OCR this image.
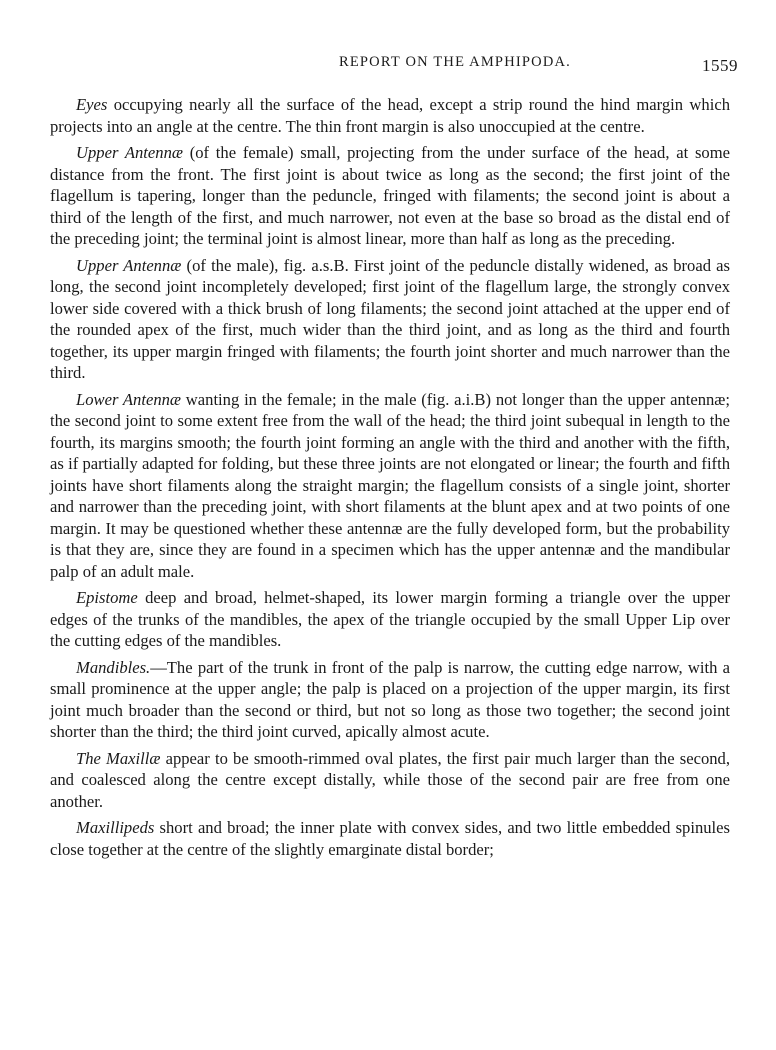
REPORT ON THE AMPHIPODA.	1559

Eyes occupying nearly all the surface of the head, except a strip round the hind margin which projects into an angle at the centre. The thin front margin is also unoccupied at the centre.

Upper Antennæ (of the female) small, projecting from the under surface of the head, at some distance from the front. The first joint is about twice as long as the second; the first joint of the flagellum is tapering, longer than the peduncle, fringed with filaments; the second joint is about a third of the length of the first, and much narrower, not even at the base so broad as the distal end of the preceding joint; the terminal joint is almost linear, more than half as long as the preceding.

Upper Antennæ (of the male), fig. a.s.B. First joint of the peduncle distally widened, as broad as long, the second joint incompletely developed; first joint of the flagellum large, the strongly convex lower side covered with a thick brush of long filaments; the second joint attached at the upper end of the rounded apex of the first, much wider than the third joint, and as long as the third and fourth together, its upper margin fringed with filaments; the fourth joint shorter and much narrower than the third.

Lower Antennæ wanting in the female; in the male (fig. a.i.B) not longer than the upper antennæ; the second joint to some extent free from the wall of the head; the third joint subequal in length to the fourth, its margins smooth; the fourth joint forming an angle with the third and another with the fifth, as if partially adapted for folding, but these three joints are not elongated or linear; the fourth and fifth joints have short filaments along the straight margin; the flagellum consists of a single joint, shorter and narrower than the preceding joint, with short filaments at the blunt apex and at two points of one margin. It may be questioned whether these antennæ are the fully developed form, but the probability is that they are, since they are found in a specimen which has the upper antennæ and the mandibular palp of an adult male.

Epistome deep and broad, helmet-shaped, its lower margin forming a triangle over the upper edges of the trunks of the mandibles, the apex of the triangle occupied by the small Upper Lip over the cutting edges of the mandibles.

Mandibles.—The part of the trunk in front of the palp is narrow, the cutting edge narrow, with a small prominence at the upper angle; the palp is placed on a projection of the upper margin, its first joint much broader than the second or third, but not so long as those two together; the second joint shorter than the third; the third joint curved, apically almost acute.

The Maxillæ appear to be smooth-rimmed oval plates, the first pair much larger than the second, and coalesced along the centre except distally, while those of the second pair are free from one another.

Maxillipeds short and broad; the inner plate with convex sides, and two little embedded spinules close together at the centre of the slightly emarginate distal border;
